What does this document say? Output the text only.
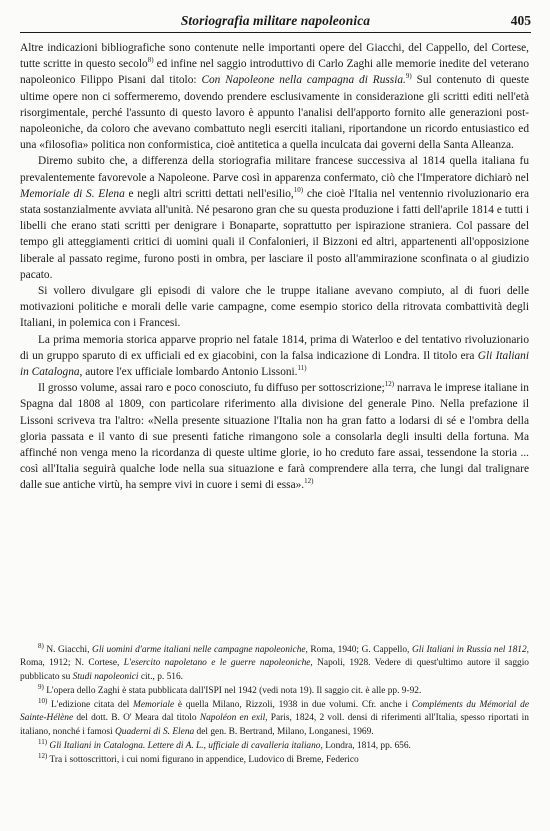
Storiografia militare napoleonica	405

Altre indicazioni bibliografiche sono contenute nelle importanti opere del Giacchi, del Cappello, del Cortese, tutte scritte in questo secolo$^{8)}$ ed infine nel saggio introduttivo di Carlo Zaghi alle memorie inedite del veterano napoleonico Filippo Pisani dal titolo: Con Napoleone nella campagna di Russia.$^{9)}$ Sul contenuto di queste ultime opere non ci soffermeremo, dovendo prendere esclusivamente in considerazione gli scritti editi nell'età risorgimentale, perché l'assunto di questo lavoro è appunto l'analisi dell'apporto fornito alle generazioni post-napoleoniche, da coloro che avevano combattuto negli eserciti italiani, riportandone un ricordo entusiastico ed una «filosofia» politica non conformistica, cioè antitetica a quella inculcata dai governi della Santa Alleanza.

Diremo subito che, a differenza della storiografia militare francese successiva al 1814 quella italiana fu prevalentemente favorevole a Napoleone. Parve così in apparenza confermato, ciò che l'Imperatore dichiarò nel Memoriale di S. Elena e negli altri scritti dettati nell'esilio,$^{10)}$ che cioè l'Italia nel ventennio rivoluzionario era stata sostanzialmente avviata all'unità. Né pesarono gran che su questa produzione i fatti dell'aprile 1814 e tutti i libelli che erano stati scritti per denigrare i Bonaparte, soprattutto per ispirazione straniera. Col passare del tempo gli atteggiamenti critici di uomini quali il Confalonieri, il Bizzoni ed altri, appartenenti all'opposizione liberale al passato regime, furono posti in ombra, per lasciare il posto all'ammirazione sconfinata o al giudizio pacato.

Si vollero divulgare gli episodi di valore che le truppe italiane avevano compiuto, al di fuori delle motivazioni politiche e morali delle varie campagne, come esempio storico della ritrovata combattività degli Italiani, in polemica con i Francesi.

La prima memoria storica apparve proprio nel fatale 1814, prima di Waterloo e del tentativo rivoluzionario di un gruppo sparuto di ex ufficiali ed ex giacobini, con la falsa indicazione di Londra. Il titolo era Gli Italiani in Catalogna, autore l'ex ufficiale lombardo Antonio Lissoni.$^{11)}$

Il grosso volume, assai raro e poco conosciuto, fu diffuso per sottoscrizione;$^{12)}$ narrava le imprese italiane in Spagna dal 1808 al 1809, con particolare riferimento alla divisione del generale Pino. Nella prefazione il Lissoni scriveva tra l'altro: «Nella presente situazione l'Italia non ha gran fatto a lodarsi di sé e l'ombra della gloria passata e il vanto di sue presenti fatiche rimangono sole a consolarla degli insulti della fortuna. Ma affinché non venga meno la ricordanza di queste ultime glorie, io ho creduto fare assai, tessendone la storia ... così all'Italia seguirà qualche lode nella sua situazione e farà comprendere alla terra, che lungi dal tralignare dalle sue antiche virtù, ha sempre vivi in cuore i semi di essa».$^{12)}$

$^{8)}$ N. Giacchi, Gli uomini d'arme italiani nelle campagne napoleoniche, Roma, 1940; G. Cappello, Gli Italiani in Russia nel 1812, Roma, 1912; N. Cortese, L'esercito napoletano e le guerre napoleoniche, Napoli, 1928. Vedere di quest'ultimo autore il saggio pubblicato su Studi napoleonici cit., p. 516.

$^{9)}$ L'opera dello Zaghi è stata pubblicata dall'ISPI nel 1942 (vedi nota 19). Il saggio cit. è alle pp. 9-92.

$^{10)}$ L'edizione citata del Memoriale è quella Milano, Rizzoli, 1938 in due volumi. Cfr. anche i Compléments du Mémorial de Sainte-Hélène del dott. B. O' Meara dal titolo Napoléon en exil, Paris, 1824, 2 voll. densi di riferimenti all'Italia, spesso riportati in italiano, nonché i famosi Quaderni di S. Elena del gen. B. Bertrand, Milano, Longanesi, 1969.

$^{11)}$ Gli Italiani in Catalogna. Lettere di A. L., ufficiale di cavalleria italiano, Londra, 1814, pp. 656.

$^{12)}$ Tra i sottoscrittori, i cui nomi figurano in appendice, Ludovico di Breme, Federico
